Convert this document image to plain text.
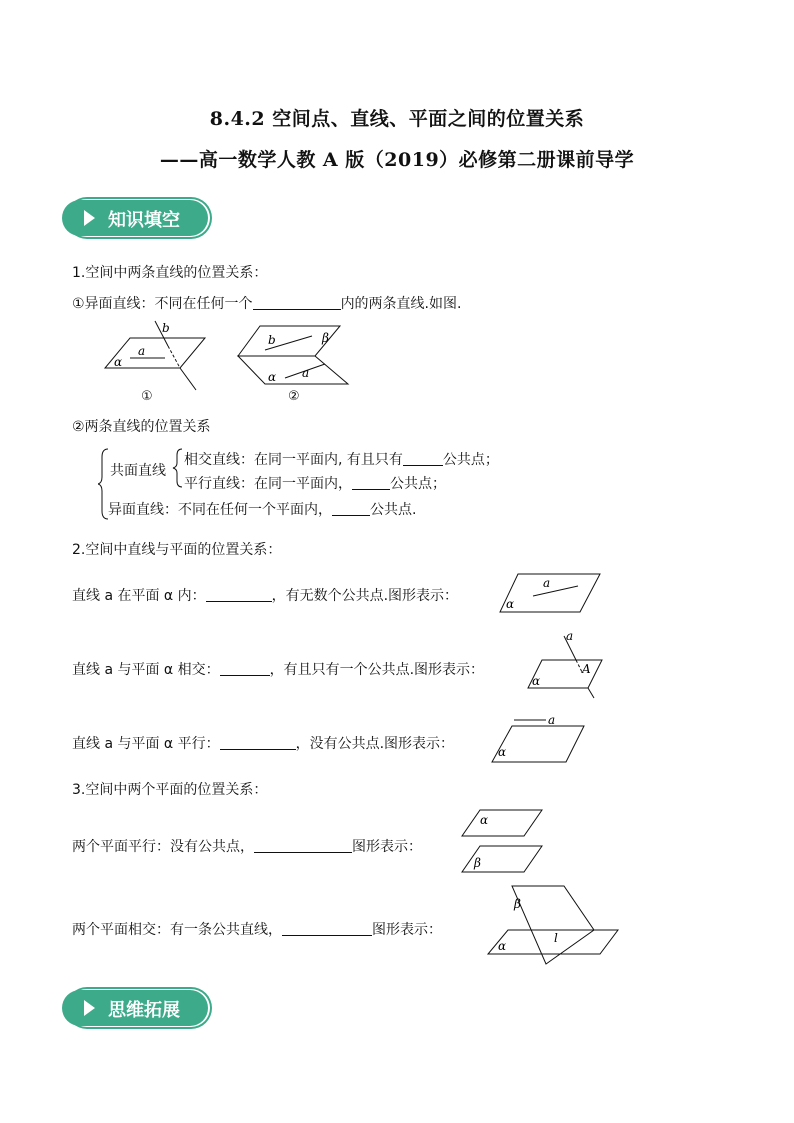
8.4.2 空间点、直线、平面之间的位置关系
——高一数学人教 A 版（2019）必修第二册课前导学
知识填空
1.空间中两条直线的位置关系：
①异面直线：不同在任何一个	内的两条直线.如图.
a
b
α
b	β
a
α
①	②
②两条直线的位置关系
共面直线
相交直线：在同一平面内, 有且只有	公共点；
平行直线：在同一平面内，	公共点；
异面直线：不同在任何一个平面内，	公共点.
2.空间中直线与平面的位置关系：
直线 a 在平面 α 内：	，有无数个公共点.图形表示：
a
α
直线 a 与平面 α 相交：	，有且只有一个公共点.图形表示：
a
A
α
直线 a 与平面 α 平行：	，没有公共点.图形表示：
a
α
3.空间中两个平面的位置关系：
两个平面平行：没有公共点，	图形表示：
α
β
两个平面相交：有一条公共直线，	图形表示：
β
α
l
思维拓展
